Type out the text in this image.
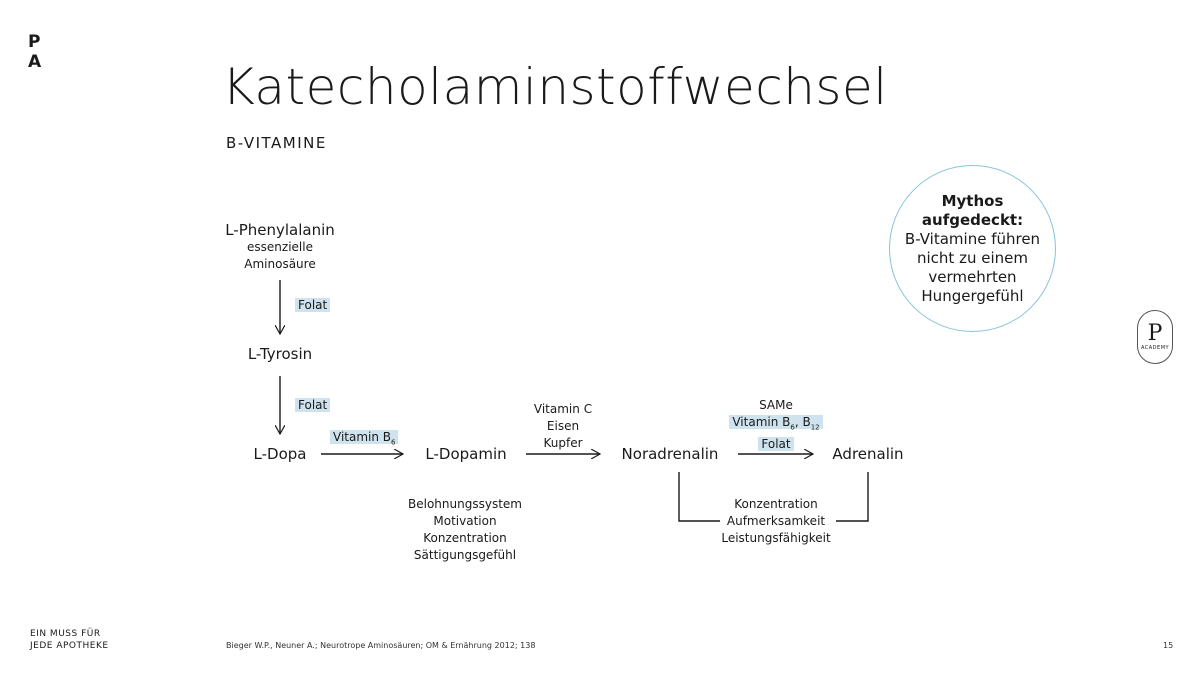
P
A	Katecholaminstoffwechsel
B-VITAMINE
L-Phenylalanin
essenzielle Aminosäure
L-Tyrosin
L-Dopa	L-Dopamin	Noradrenalin	Adrenalin
Folat
Folat
Vitamin $B_6$
Vitamin C
Eisen
Kupfer
SAMe
Vitamin $B_6$, $B_{12}$
Folat
Belohnungssystem
Motivation
Konzentration
Sättigungsgefühl
Konzentration
Aufmerksamkeit
Leistungsfähigkeit
Mythos
aufgedeckt:
B-Vitamine führen
nicht zu einem
vermehrten
Hungergefühl
P
ACADEMY
EIN MUSS FÜR
JEDE APOTHEKE	Bieger W.P., Neuner A.; Neurotrope Aminosäuren; OM & Ernährung 2012; 138	15
